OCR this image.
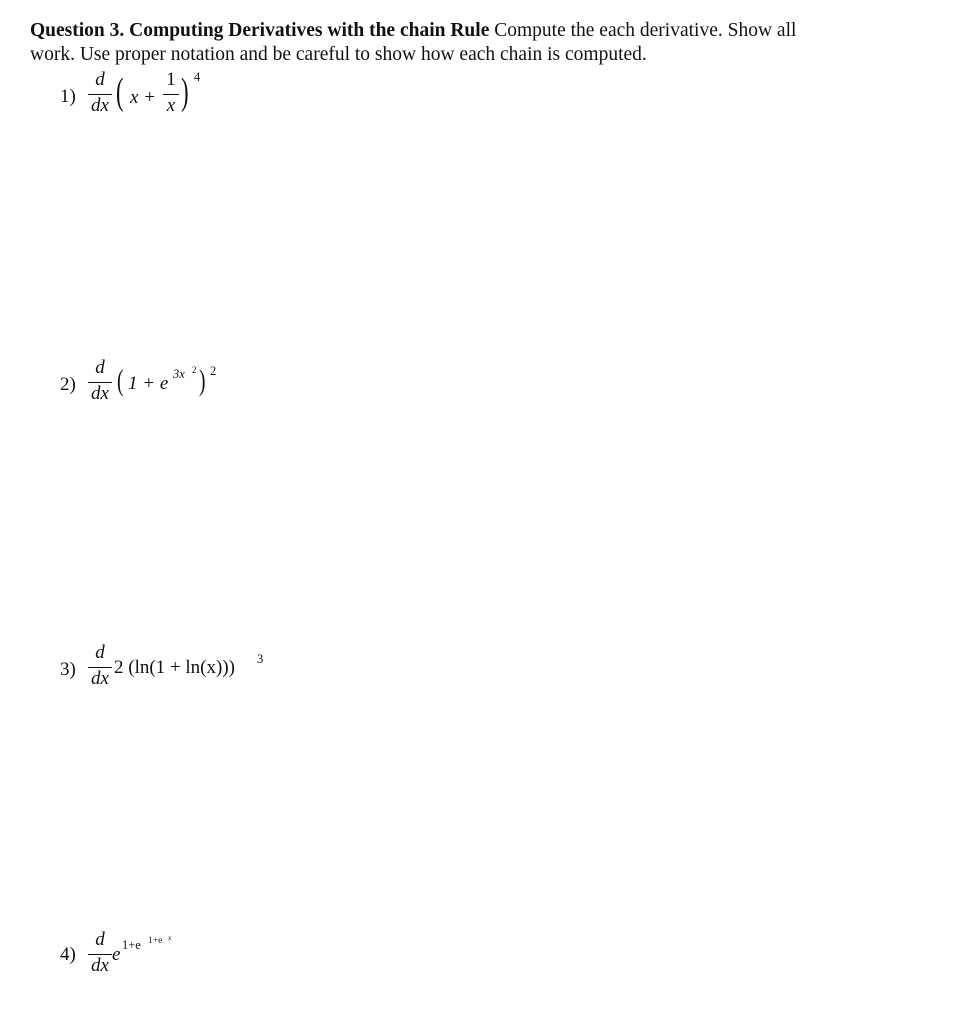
Question 3. Computing Derivatives with the chain Rule Compute the each derivative. Show all
work. Use proper notation and be careful to show how each chain is computed.
1)
d
dx ( x +
1
x ) 4
2)
d
dx ( 1 + e 3x 2 ) 2
3)
d
dx
2 (ln(1 + ln(x))) 3
4)
d
dx
e 1+e 1+e x
